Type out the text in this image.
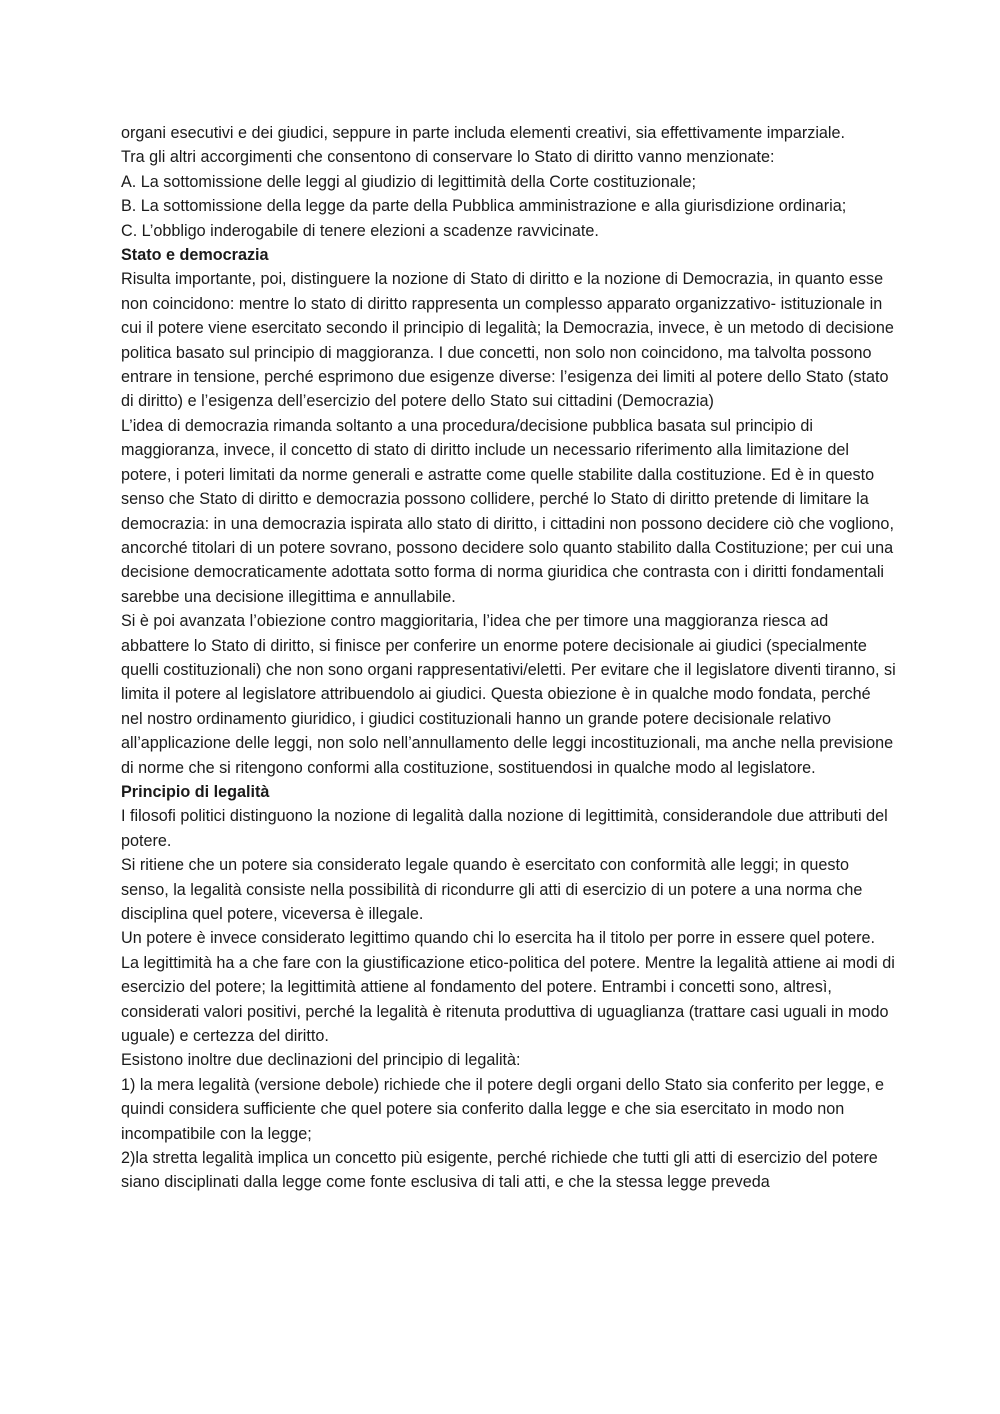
organi esecutivi e dei giudici, seppure in parte includa elementi creativi, sia effettivamente imparziale.

Tra gli altri accorgimenti che consentono di conservare lo Stato di diritto vanno menzionate:

A. La sottomissione delle leggi al giudizio di legittimità della Corte costituzionale;

B. La sottomissione della legge da parte della Pubblica amministrazione e alla giurisdizione ordinaria;

C. L’obbligo inderogabile di tenere elezioni a scadenze ravvicinate.

Stato e democrazia

Risulta importante, poi, distinguere la nozione di Stato di diritto e la nozione di Democrazia, in quanto esse non coincidono: mentre lo stato di diritto rappresenta un complesso apparato organizzativo- istituzionale in cui il potere viene esercitato secondo il principio di legalità; la Democrazia, invece, è un metodo di decisione politica basato sul principio di maggioranza. I due concetti, non solo non coincidono, ma talvolta possono entrare in tensione, perché esprimono due esigenze diverse: l’esigenza dei limiti al potere dello Stato (stato di diritto) e l’esigenza dell’esercizio del potere dello Stato sui cittadini (Democrazia)

L’idea di democrazia rimanda soltanto a una procedura/decisione pubblica basata sul principio di maggioranza, invece, il concetto di stato di diritto include un necessario riferimento alla limitazione del potere, i poteri limitati da norme generali e astratte come quelle stabilite dalla costituzione. Ed è in questo senso che Stato di diritto e democrazia possono collidere, perché lo Stato di diritto pretende di limitare la democrazia: in una democrazia ispirata allo stato di diritto, i cittadini non possono decidere ciò che vogliono, ancorché titolari di un potere sovrano, possono decidere solo quanto stabilito dalla Costituzione; per cui una decisione democraticamente adottata sotto forma di norma giuridica che contrasta con i diritti fondamentali sarebbe una decisione illegittima e annullabile.

Si è poi avanzata l’obiezione contro maggioritaria, l’idea che per timore una maggioranza riesca ad abbattere lo Stato di diritto, si finisce per conferire un enorme potere decisionale ai giudici (specialmente quelli costituzionali) che non sono organi rappresentativi/eletti. Per evitare che il legislatore diventi tiranno, si limita il potere al legislatore attribuendolo ai giudici. Questa obiezione è in qualche modo fondata, perché nel nostro ordinamento giuridico, i giudici costituzionali hanno un grande potere decisionale relativo all’applicazione delle leggi, non solo nell’annullamento delle leggi incostituzionali, ma anche nella previsione di norme che si ritengono conformi alla costituzione, sostituendosi in qualche modo al legislatore.

Principio di legalità

I filosofi politici distinguono la nozione di legalità dalla nozione di legittimità, considerandole due attributi del potere.

Si ritiene che un potere sia considerato legale quando è esercitato con conformità alle leggi; in questo senso, la legalità consiste nella possibilità di ricondurre gli atti di esercizio di un potere a una norma che disciplina quel potere, viceversa è illegale.

Un potere è invece considerato legittimo quando chi lo esercita ha il titolo per porre in essere quel potere. La legittimità ha a che fare con la giustificazione etico-politica del potere. Mentre la legalità attiene ai modi di esercizio del potere; la legittimità attiene al fondamento del potere. Entrambi i concetti sono, altresì, considerati valori positivi, perché la legalità è ritenuta produttiva di uguaglianza (trattare casi uguali in modo uguale) e certezza del diritto.

Esistono inoltre due declinazioni del principio di legalità:

1) la mera legalità (versione debole) richiede che il potere degli organi dello Stato sia conferito per legge, e quindi considera sufficiente che quel potere sia conferito dalla legge e che sia esercitato in modo non incompatibile con la legge;

2)la stretta legalità implica un concetto più esigente, perché richiede che tutti gli atti di esercizio del potere siano disciplinati dalla legge come fonte esclusiva di tali atti, e che la stessa legge preveda
